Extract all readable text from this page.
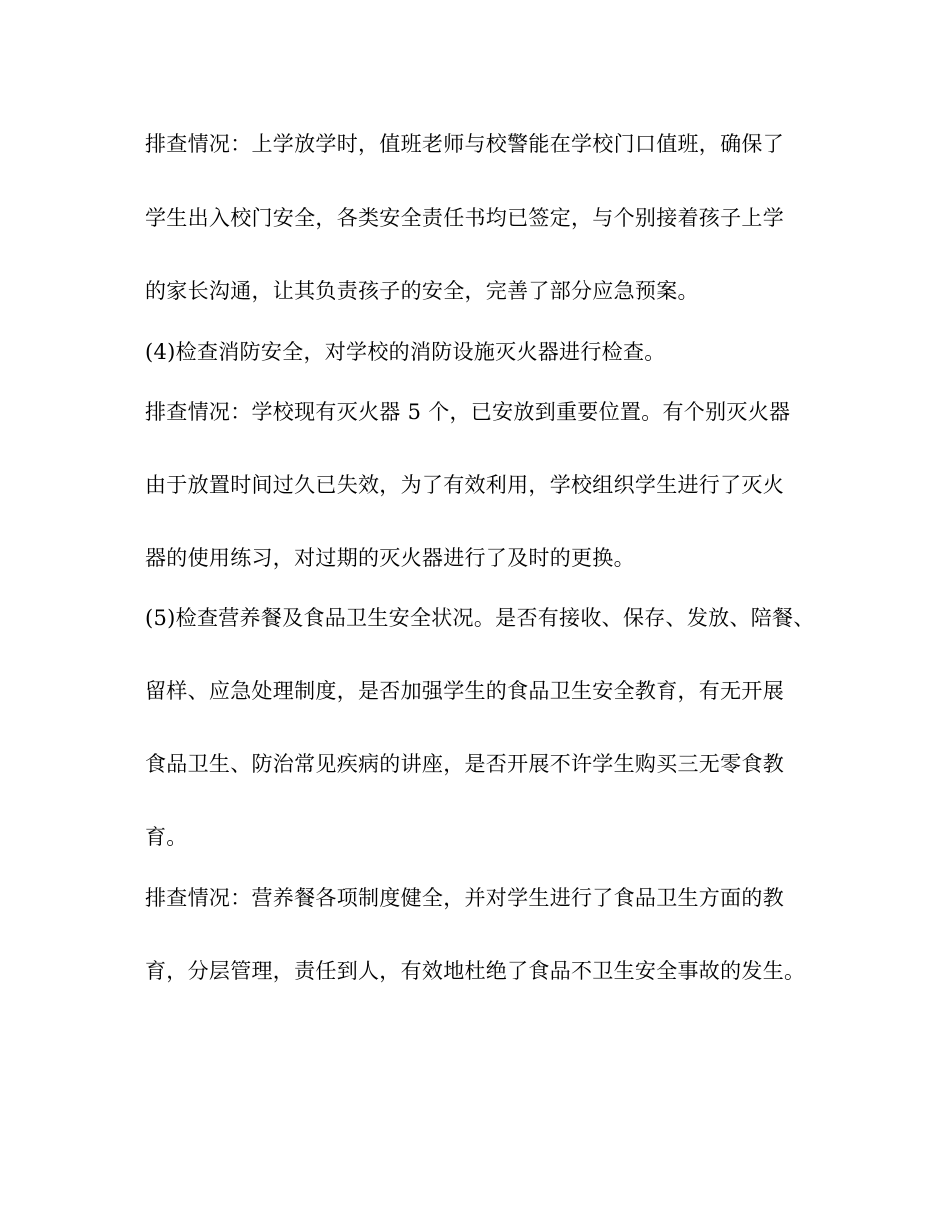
排查情况：上学放学时，值班老师与校警能在学校门口值班，确保了

学生出入校门安全，各类安全责任书均已签定，与个别接着孩子上学

的家长沟通，让其负责孩子的安全，完善了部分应急预案。

(4)检查消防安全，对学校的消防设施灭火器进行检查。

排查情况：学校现有灭火器 5 个，已安放到重要位置。有个别灭火器

由于放置时间过久已失效，为了有效利用，学校组织学生进行了灭火

器的使用练习，对过期的灭火器进行了及时的更换。

(5)检查营养餐及食品卫生安全状况。是否有接收、保存、发放、陪餐、

留样、应急处理制度，是否加强学生的食品卫生安全教育，有无开展

食品卫生、防治常见疾病的讲座，是否开展不许学生购买三无零食教

育。

排查情况：营养餐各项制度健全，并对学生进行了食品卫生方面的教

育，分层管理，责任到人，有效地杜绝了食品不卫生安全事故的发生。
